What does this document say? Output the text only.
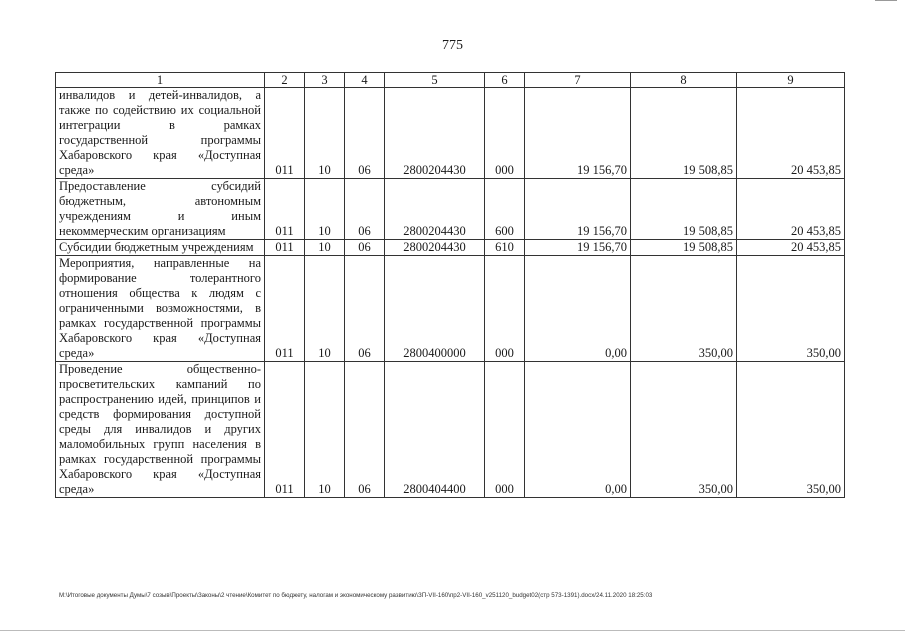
775
1	2	3	4	5	6	7	8	9
инвалидов и детей-инвалидов, а также по содействию их социальной интеграции в рамках государственной программы Хабаровского края «Доступная среда»	011	10	06	2800204430	000	19 156,70	19 508,85	20 453,85
Предоставление субсидий бюджетным, автономным учреждениям и иным некоммерческим организациям	011	10	06	2800204430	600	19 156,70	19 508,85	20 453,85
Субсидии бюджетным учреждениям	011	10	06	2800204430	610	19 156,70	19 508,85	20 453,85
Мероприятия, направленные на формирование толерантного отношения общества к людям с ограниченными возможностями, в рамках государственной программы Хабаровского края «Доступная среда»	011	10	06	2800400000	000	0,00	350,00	350,00
Проведение общественно-просветительских кампаний по распространению идей, принципов и средств формирования доступной среды для инвалидов и других маломобильных групп населения в рамках государственной программы Хабаровского края «Доступная среда»	011	10	06	2800404400	000	0,00	350,00	350,00
M:\Итоговые документы Думы\7 созыв\Проекты\Законы\2 чтение\Комитет по бюджету, налогам и экономическому развитию\ЗП-VII-160\пр2-VII-160_v251120_budget02(стр 573-1391).docx/24.11.2020 18:25:03
